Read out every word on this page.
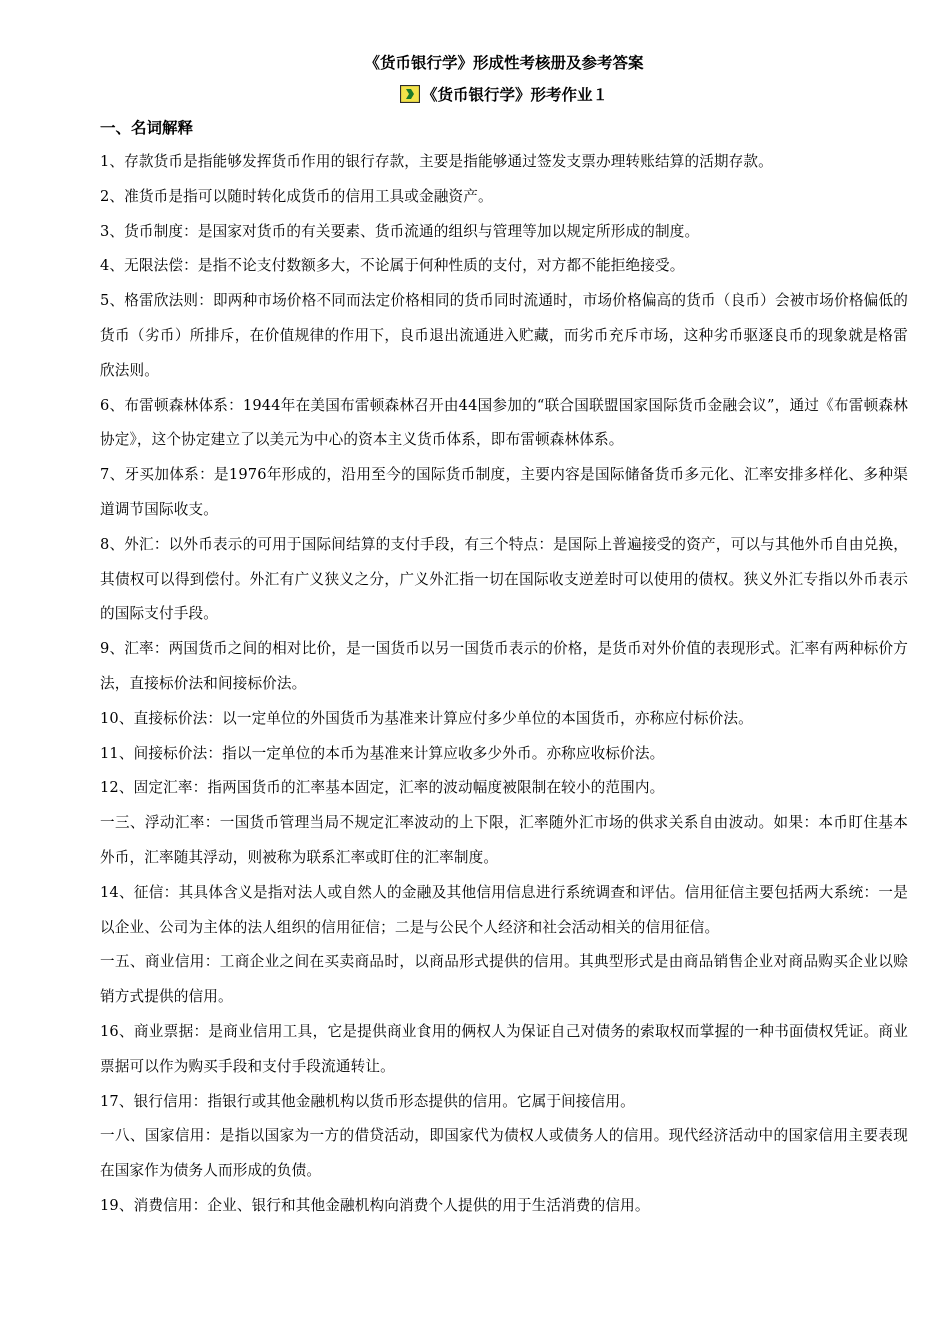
《货币银行学》形成性考核册及参考答案
《货币银行学》形考作业１
一、名词解释

1、存款货币是指能够发挥货币作用的银行存款，主要是指能够通过签发支票办理转账结算的活期存款。

2、准货币是指可以随时转化成货币的信用工具或金融资产。

3、货币制度：是国家对货币的有关要素、货币流通的组织与管理等加以规定所形成的制度。

4、无限法偿：是指不论支付数额多大，不论属于何种性质的支付，对方都不能拒绝接受。

5、格雷欣法则：即两种市场价格不同而法定价格相同的货币同时流通时，市场价格偏高的货币（良币）会被市场价格偏低的货币（劣币）所排斥，在价值规律的作用下，良币退出流通进入贮藏，而劣币充斥市场，这种劣币驱逐良币的现象就是格雷欣法则。

6、布雷顿森林体系：1944年在美国布雷顿森林召开由44国参加的“联合国联盟国家国际货币金融会议”，通过《布雷顿森林协定》，这个协定建立了以美元为中心的资本主义货币体系，即布雷顿森林体系。

7、牙买加体系：是1976年形成的，沿用至今的国际货币制度，主要内容是国际储备货币多元化、汇率安排多样化、多种渠道调节国际收支。

8、外汇：以外币表示的可用于国际间结算的支付手段，有三个特点：是国际上普遍接受的资产，可以与其他外币自由兑换，其债权可以得到偿付。外汇有广义狭义之分，广义外汇指一切在国际收支逆差时可以使用的债权。狭义外汇专指以外币表示的国际支付手段。

9、汇率：两国货币之间的相对比价，是一国货币以另一国货币表示的价格，是货币对外价值的表现形式。汇率有两种标价方法，直接标价法和间接标价法。

10、直接标价法：以一定单位的外国货币为基准来计算应付多少单位的本国货币，亦称应付标价法。

11、间接标价法：指以一定单位的本币为基准来计算应收多少外币。亦称应收标价法。

12、固定汇率：指两国货币的汇率基本固定，汇率的波动幅度被限制在较小的范围内。

一三、浮动汇率：一国货币管理当局不规定汇率波动的上下限，汇率随外汇市场的供求关系自由波动。如果：本币盯住基本外币，汇率随其浮动，则被称为联系汇率或盯住的汇率制度。

14、征信：其具体含义是指对法人或自然人的金融及其他信用信息进行系统调查和评估。信用征信主要包括两大系统：一是以企业、公司为主体的法人组织的信用征信；二是与公民个人经济和社会活动相关的信用征信。

一五、商业信用：工商企业之间在买卖商品时，以商品形式提供的信用。其典型形式是由商品销售企业对商品购买企业以赊销方式提供的信用。

16、商业票据：是商业信用工具，它是提供商业食用的俩权人为保证自己对债务的索取权而掌握的一种书面债权凭证。商业票据可以作为购买手段和支付手段流通转让。

17、银行信用：指银行或其他金融机构以货币形态提供的信用。它属于间接信用。

一八、国家信用：是指以国家为一方的借贷活动，即国家代为债权人或债务人的信用。现代经济活动中的国家信用主要表现在国家作为债务人而形成的负债。

19、消费信用：企业、银行和其他金融机构向消费个人提供的用于生活消费的信用。
